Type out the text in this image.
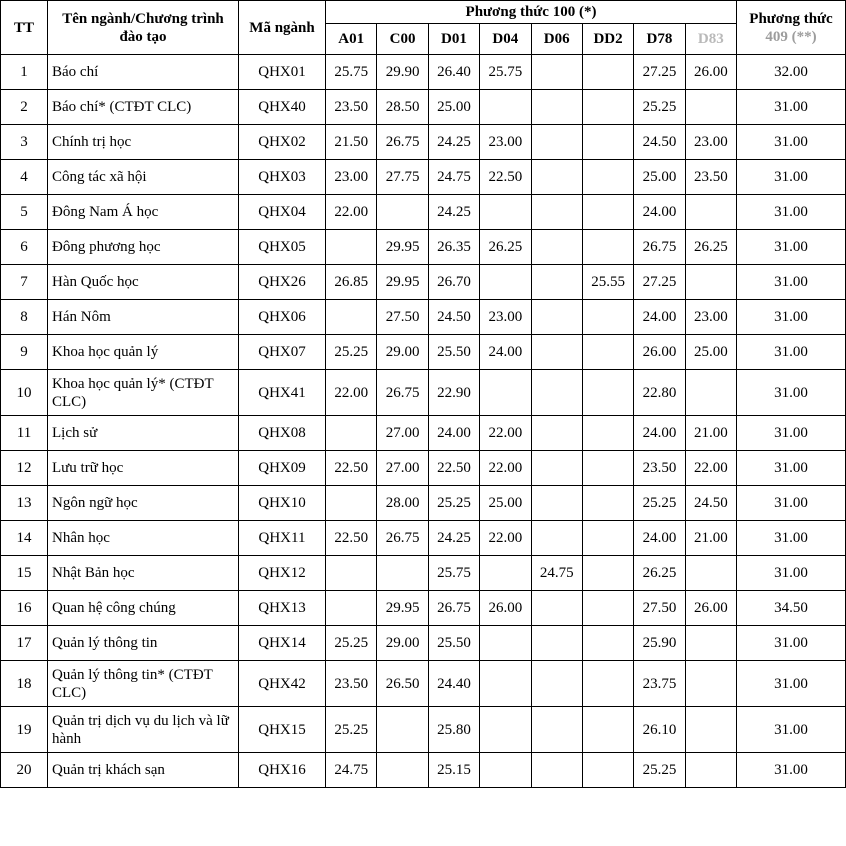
TT	Tên ngành/Chương trình đào tạo	Mã ngành	Phương thức 100 (*)								Phương thức
409 (**)

			A01	C00	D01	D04	D06	DD2	D78	D83	
1	Báo chí	QHX01	25.75	29.90	26.40	25.75			27.25	26.00	32.00
2	Báo chí* (CTĐT CLC)	QHX40	23.50	28.50	25.00				25.25		31.00
3	Chính trị học	QHX02	21.50	26.75	24.25	23.00			24.50	23.00	31.00
4	Công tác xã hội	QHX03	23.00	27.75	24.75	22.50			25.00	23.50	31.00
5	Đông Nam Á học	QHX04	22.00		24.25				24.00		31.00
6	Đông phương học	QHX05		29.95	26.35	26.25			26.75	26.25	31.00
7	Hàn Quốc học	QHX26	26.85	29.95	26.70			25.55	27.25		31.00
8	Hán Nôm	QHX06		27.50	24.50	23.00			24.00	23.00	31.00
9	Khoa học quản lý	QHX07	25.25	29.00	25.50	24.00			26.00	25.00	31.00
10	Khoa học quản lý* (CTĐT CLC)	QHX41	22.00	26.75	22.90				22.80		31.00
11	Lịch sử	QHX08		27.00	24.00	22.00			24.00	21.00	31.00
12	Lưu trữ học	QHX09	22.50	27.00	22.50	22.00			23.50	22.00	31.00
13	Ngôn ngữ học	QHX10		28.00	25.25	25.00			25.25	24.50	31.00
14	Nhân học	QHX11	22.50	26.75	24.25	22.00			24.00	21.00	31.00
15	Nhật Bản học	QHX12			25.75		24.75		26.25		31.00
16	Quan hệ công chúng	QHX13		29.95	26.75	26.00			27.50	26.00	34.50
17	Quản lý thông tin	QHX14	25.25	29.00	25.50				25.90		31.00
18	Quản lý thông tin* (CTĐT CLC)	QHX42	23.50	26.50	24.40				23.75		31.00
19	Quản trị dịch vụ du lịch và lữ hành	QHX15	25.25		25.80				26.10		31.00
20	Quản trị khách sạn	QHX16	24.75		25.15				25.25		31.00
